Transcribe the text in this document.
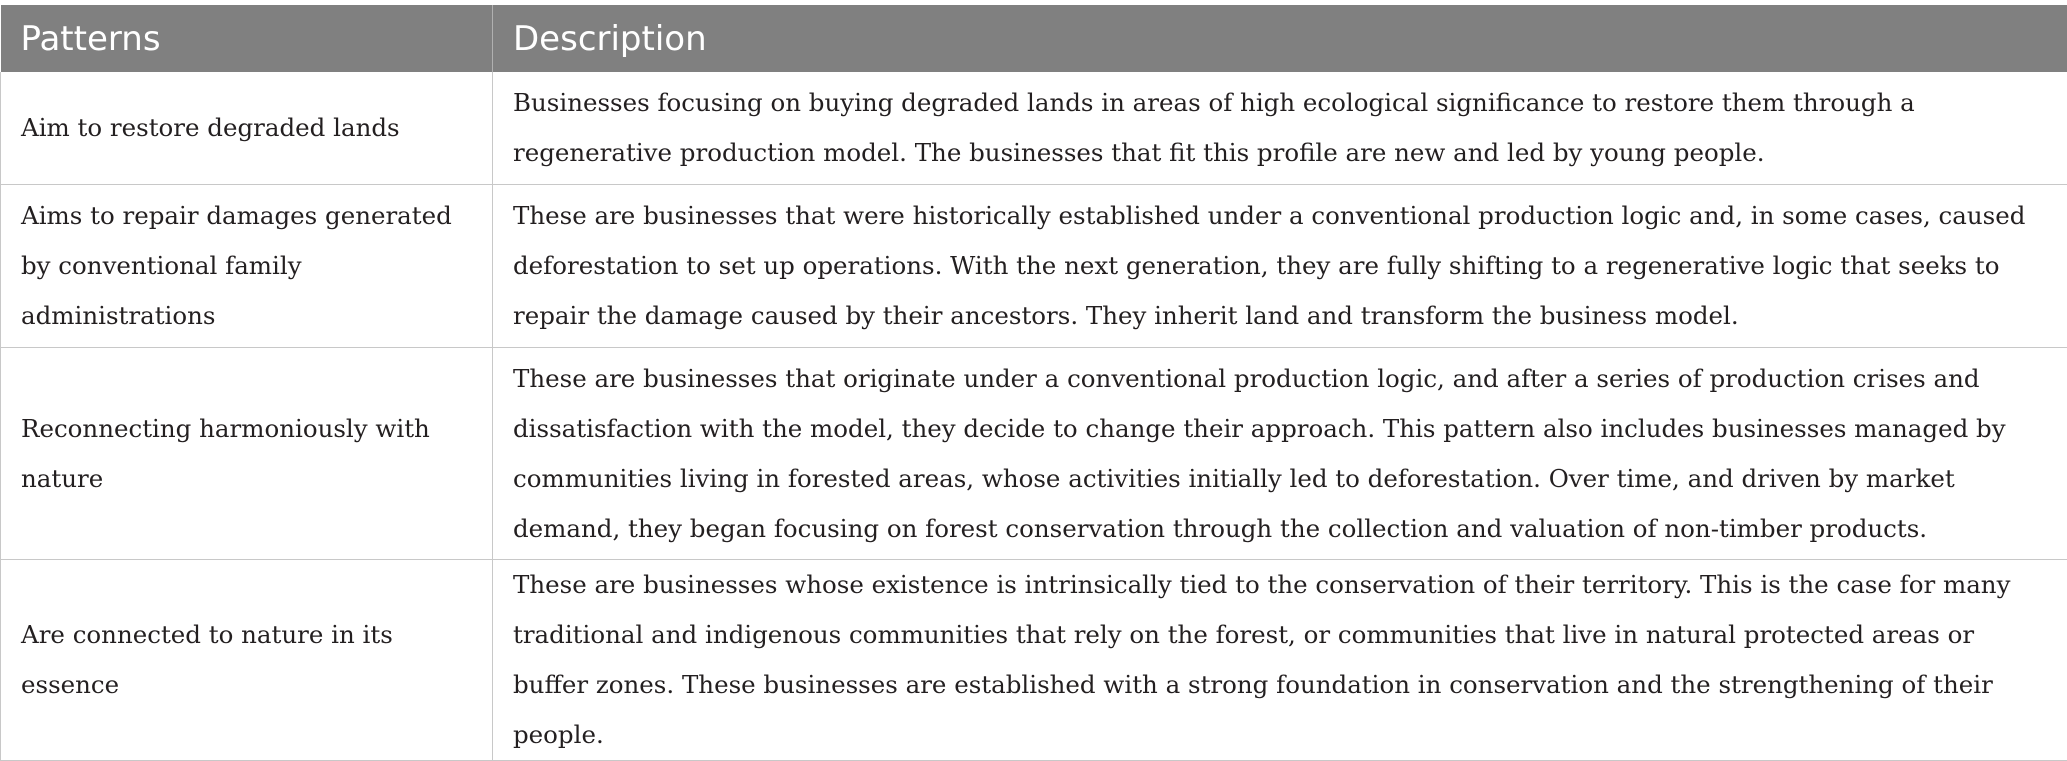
Patterns	Description
Aim to restore degraded lands	Businesses focusing on buying degraded lands in areas of high ecological significance to restore them through a regenerative production model. The businesses that fit this profile are new and led by young people.
Aims to repair damages generated by conventional family administrations	These are businesses that were historically established under a conventional production logic and, in some cases, caused deforestation to set up operations. With the next generation, they are fully shifting to a regenerative logic that seeks to repair the damage caused by their ancestors. They inherit land and transform the business model.
Reconnecting harmoniously with nature	These are businesses that originate under a conventional production logic, and after a series of production crises and dissatisfaction with the model, they decide to change their approach. This pattern also includes businesses managed by communities living in forested areas, whose activities initially led to deforestation. Over time, and driven by market demand, they began focusing on forest conservation through the collection and valuation of non-timber products.
Are connected to nature in its essence	These are businesses whose existence is intrinsically tied to the conservation of their territory. This is the case for many traditional and indigenous communities that rely on the forest, or communities that live in natural protected areas or buffer zones. These businesses are established with a strong foundation in conservation and the strengthening of their people.
